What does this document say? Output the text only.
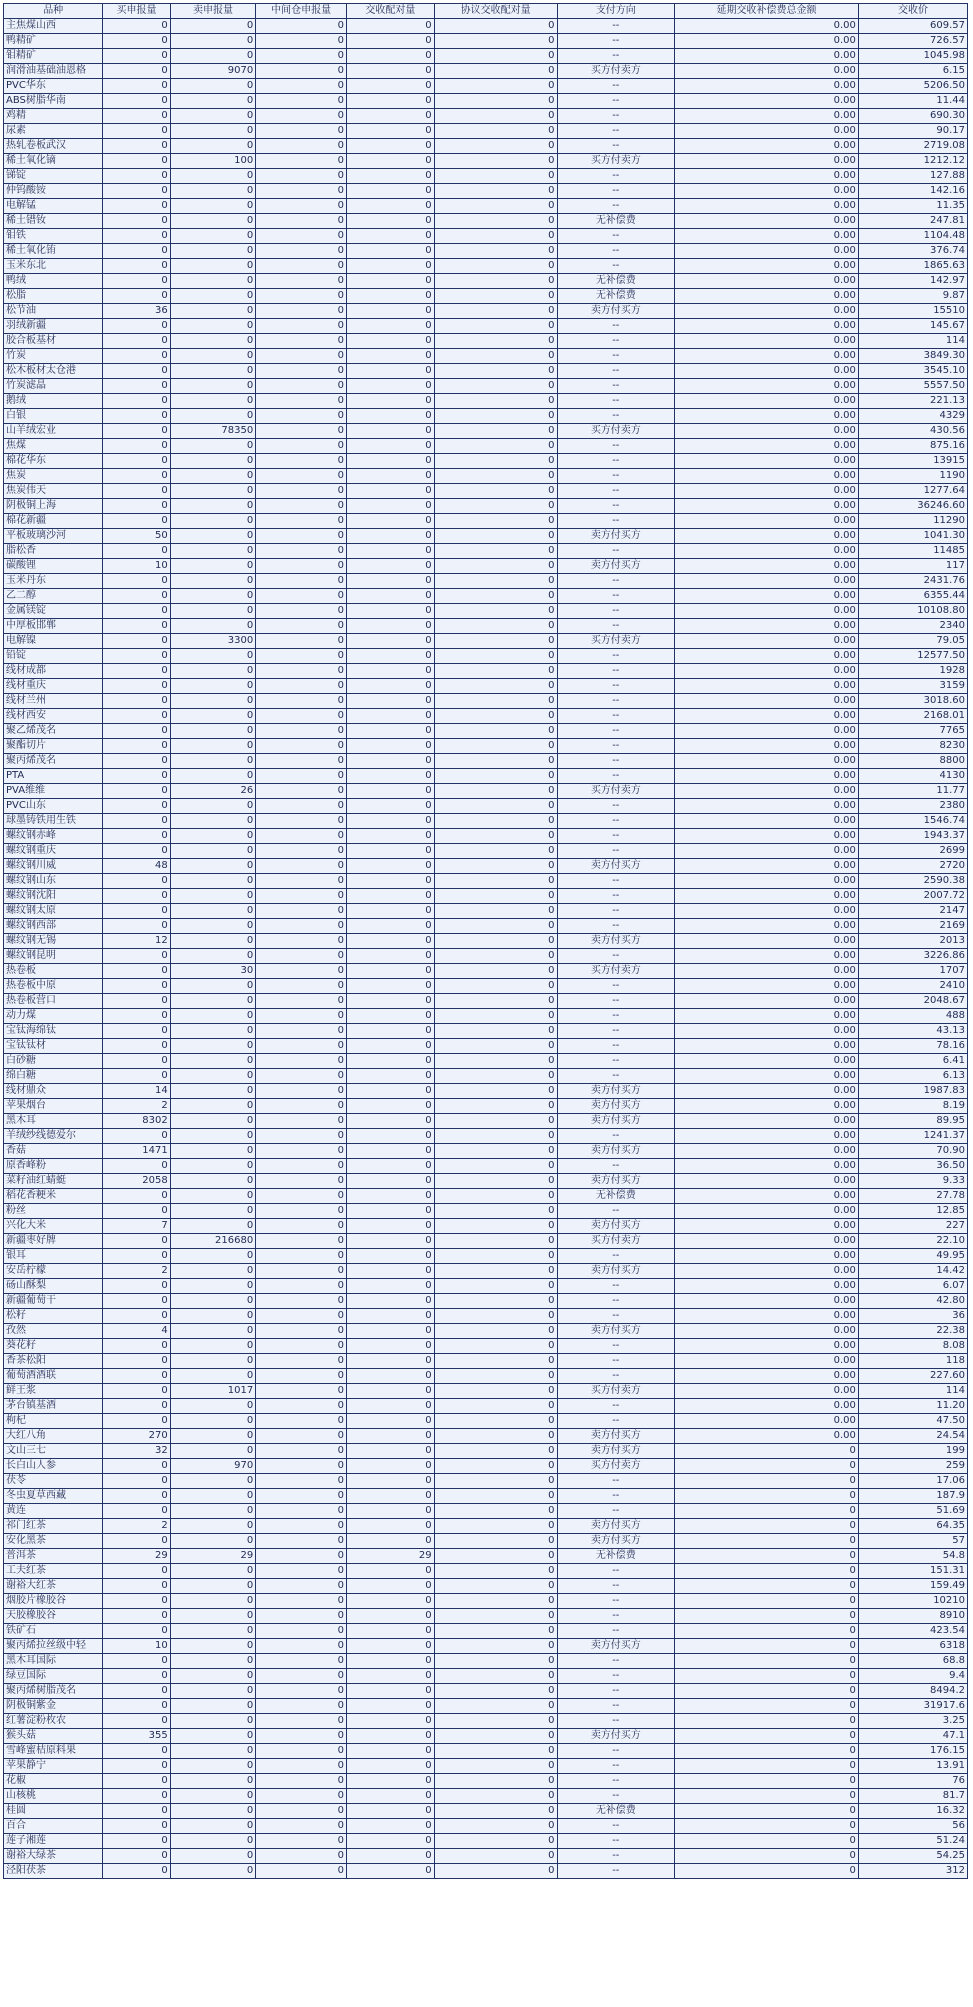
品种	买申报量	卖申报量	中间仓申报量	交收配对量	协议交收配对量	支付方向	延期交收补偿费总金额	交收价
主焦煤山西	0	0	0	0	0	--	0.00	609.57
鸭精矿	0	0	0	0	0	--	0.00	726.57
钼精矿	0	0	0	0	0	--	0.00	1045.98
润滑油基础油恩格	0	9070	0	0	0	买方付卖方	0.00	6.15
PVC华东	0	0	0	0	0	--	0.00	5206.50
ABS树脂华南	0	0	0	0	0	--	0.00	11.44
鸡精	0	0	0	0	0	--	0.00	690.30
尿素	0	0	0	0	0	--	0.00	90.17
热轧卷板武汉	0	0	0	0	0	--	0.00	2719.08
稀土氧化镝	0	100	0	0	0	买方付卖方	0.00	1212.12
锑锭	0	0	0	0	0	--	0.00	127.88
仲钨酸铵	0	0	0	0	0	--	0.00	142.16
电解锰	0	0	0	0	0	--	0.00	11.35
稀土镨钕	0	0	0	0	0	无补偿费	0.00	247.81
钼铁	0	0	0	0	0	--	0.00	1104.48
稀土氧化铕	0	0	0	0	0	--	0.00	376.74
玉米东北	0	0	0	0	0	--	0.00	1865.63
鸭绒	0	0	0	0	0	无补偿费	0.00	142.97
松脂	0	0	0	0	0	无补偿费	0.00	9.87
松节油	36	0	0	0	0	卖方付买方	0.00	15510
羽绒新疆	0	0	0	0	0	--	0.00	145.67
胶合板基材	0	0	0	0	0	--	0.00	114
竹炭	0	0	0	0	0	--	0.00	3849.30
松木板材太仓港	0	0	0	0	0	--	0.00	3545.10
竹炭滤晶	0	0	0	0	0	--	0.00	5557.50
鹅绒	0	0	0	0	0	--	0.00	221.13
白银	0	0	0	0	0	--	0.00	4329
山羊绒宏业	0	78350	0	0	0	买方付卖方	0.00	430.56
焦煤	0	0	0	0	0	--	0.00	875.16
棉花华东	0	0	0	0	0	--	0.00	13915
焦炭	0	0	0	0	0	--	0.00	1190
焦炭伟天	0	0	0	0	0	--	0.00	1277.64
阴极铜上海	0	0	0	0	0	--	0.00	36246.60
棉花新疆	0	0	0	0	0	--	0.00	11290
平板玻璃沙河	50	0	0	0	0	卖方付买方	0.00	1041.30
脂松香	0	0	0	0	0	--	0.00	11485
碳酸锂	10	0	0	0	0	卖方付买方	0.00	117
玉米丹东	0	0	0	0	0	--	0.00	2431.76
乙二醇	0	0	0	0	0	--	0.00	6355.44
金属镁锭	0	0	0	0	0	--	0.00	10108.80
中厚板邯郸	0	0	0	0	0	--	0.00	2340
电解镍	0	3300	0	0	0	买方付卖方	0.00	79.05
铅锭	0	0	0	0	0	--	0.00	12577.50
线材成都	0	0	0	0	0	--	0.00	1928
线材重庆	0	0	0	0	0	--	0.00	3159
线材兰州	0	0	0	0	0	--	0.00	3018.60
线材西安	0	0	0	0	0	--	0.00	2168.01
聚乙烯茂名	0	0	0	0	0	--	0.00	7765
聚酯切片	0	0	0	0	0	--	0.00	8230
聚丙烯茂名	0	0	0	0	0	--	0.00	8800
PTA	0	0	0	0	0	--	0.00	4130
PVA维维	0	26	0	0	0	买方付卖方	0.00	11.77
PVC山东	0	0	0	0	0	--	0.00	2380
球墨铸铁用生铁	0	0	0	0	0	--	0.00	1546.74
螺纹钢赤峰	0	0	0	0	0	--	0.00	1943.37
螺纹钢重庆	0	0	0	0	0	--	0.00	2699
螺纹钢川威	48	0	0	0	0	卖方付买方	0.00	2720
螺纹钢山东	0	0	0	0	0	--	0.00	2590.38
螺纹钢沈阳	0	0	0	0	0	--	0.00	2007.72
螺纹钢太原	0	0	0	0	0	--	0.00	2147
螺纹钢西部	0	0	0	0	0	--	0.00	2169
螺纹钢无锡	12	0	0	0	0	卖方付买方	0.00	2013
螺纹钢昆明	0	0	0	0	0	--	0.00	3226.86
热卷板	0	30	0	0	0	买方付卖方	0.00	1707
热卷板中原	0	0	0	0	0	--	0.00	2410
热卷板营口	0	0	0	0	0	--	0.00	2048.67
动力煤	0	0	0	0	0	--	0.00	488
宝钛海绵钛	0	0	0	0	0	--	0.00	43.13
宝钛钛材	0	0	0	0	0	--	0.00	78.16
白砂糖	0	0	0	0	0	--	0.00	6.41
绵白糖	0	0	0	0	0	--	0.00	6.13
线材鼎众	14	0	0	0	0	卖方付买方	0.00	1987.83
苹果烟台	2	0	0	0	0	卖方付买方	0.00	8.19
黑木耳	8302	0	0	0	0	卖方付买方	0.00	89.95
羊绒纱线德爱尔	0	0	0	0	0	--	0.00	1241.37
香菇	1471	0	0	0	0	卖方付买方	0.00	70.90
原香峰粉	0	0	0	0	0	--	0.00	36.50
菜籽油红蜻蜓	2058	0	0	0	0	卖方付买方	0.00	9.33
稻花香粳米	0	0	0	0	0	无补偿费	0.00	27.78
粉丝	0	0	0	0	0	--	0.00	12.85
兴化大米	7	0	0	0	0	卖方付买方	0.00	227
新疆枣好牌	0	216680	0	0	0	买方付卖方	0.00	22.10
银耳	0	0	0	0	0	--	0.00	49.95
安岳柠檬	2	0	0	0	0	卖方付买方	0.00	14.42
砀山酥梨	0	0	0	0	0	--	0.00	6.07
新疆葡萄干	0	0	0	0	0	--	0.00	42.80
松籽	0	0	0	0	0	--	0.00	36
孜然	4	0	0	0	0	卖方付买方	0.00	22.38
葵花籽	0	0	0	0	0	--	0.00	8.08
香茶松阳	0	0	0	0	0	--	0.00	118
葡萄酒酒联	0	0	0	0	0	--	0.00	227.60
鲜王浆	0	1017	0	0	0	买方付卖方	0.00	114
茅台镇基酒	0	0	0	0	0	--	0.00	11.20
枸杞	0	0	0	0	0	--	0.00	47.50
大红八角	270	0	0	0	0	卖方付买方	0.00	24.54
文山三七	32	0	0	0	0	卖方付买方	0	199
长白山人参	0	970	0	0	0	买方付卖方	0	259
茯苓	0	0	0	0	0	--	0	17.06
冬虫夏草西藏	0	0	0	0	0	--	0	187.9
黄连	0	0	0	0	0	--	0	51.69
祁门红茶	2	0	0	0	0	卖方付买方	0	64.35
安化黑茶	0	0	0	0	0	卖方付买方	0	57
普洱茶	29	29	0	29	0	无补偿费	0	54.8
工夫红茶	0	0	0	0	0	--	0	151.31
谢裕大红茶	0	0	0	0	0	--	0	159.49
烟胶片橡胶谷	0	0	0	0	0	--	0	10210
天胶橡胶谷	0	0	0	0	0	--	0	8910
铁矿石	0	0	0	0	0	--	0	423.54
聚丙烯拉丝级中轻	10	0	0	0	0	卖方付买方	0	6318
黑木耳国际	0	0	0	0	0	--	0	68.8
绿豆国际	0	0	0	0	0	--	0	9.4
聚丙烯树脂茂名	0	0	0	0	0	--	0	8494.2
阴极铜紫金	0	0	0	0	0	--	0	31917.6
红薯淀粉枚农	0	0	0	0	0	--	0	3.25
猴头菇	355	0	0	0	0	卖方付买方	0	47.1
雪峰蜜桔原料果	0	0	0	0	0	--	0	176.15
苹果静宁	0	0	0	0	0	--	0	13.91
花椒	0	0	0	0	0	--	0	76
山核桃	0	0	0	0	0	--	0	81.7
桂圆	0	0	0	0	0	无补偿费	0	16.32
百合	0	0	0	0	0	--	0	56
莲子湘莲	0	0	0	0	0	--	0	51.24
谢裕大绿茶	0	0	0	0	0	--	0	54.25
泾阳茯茶	0	0	0	0	0	--	0	312
